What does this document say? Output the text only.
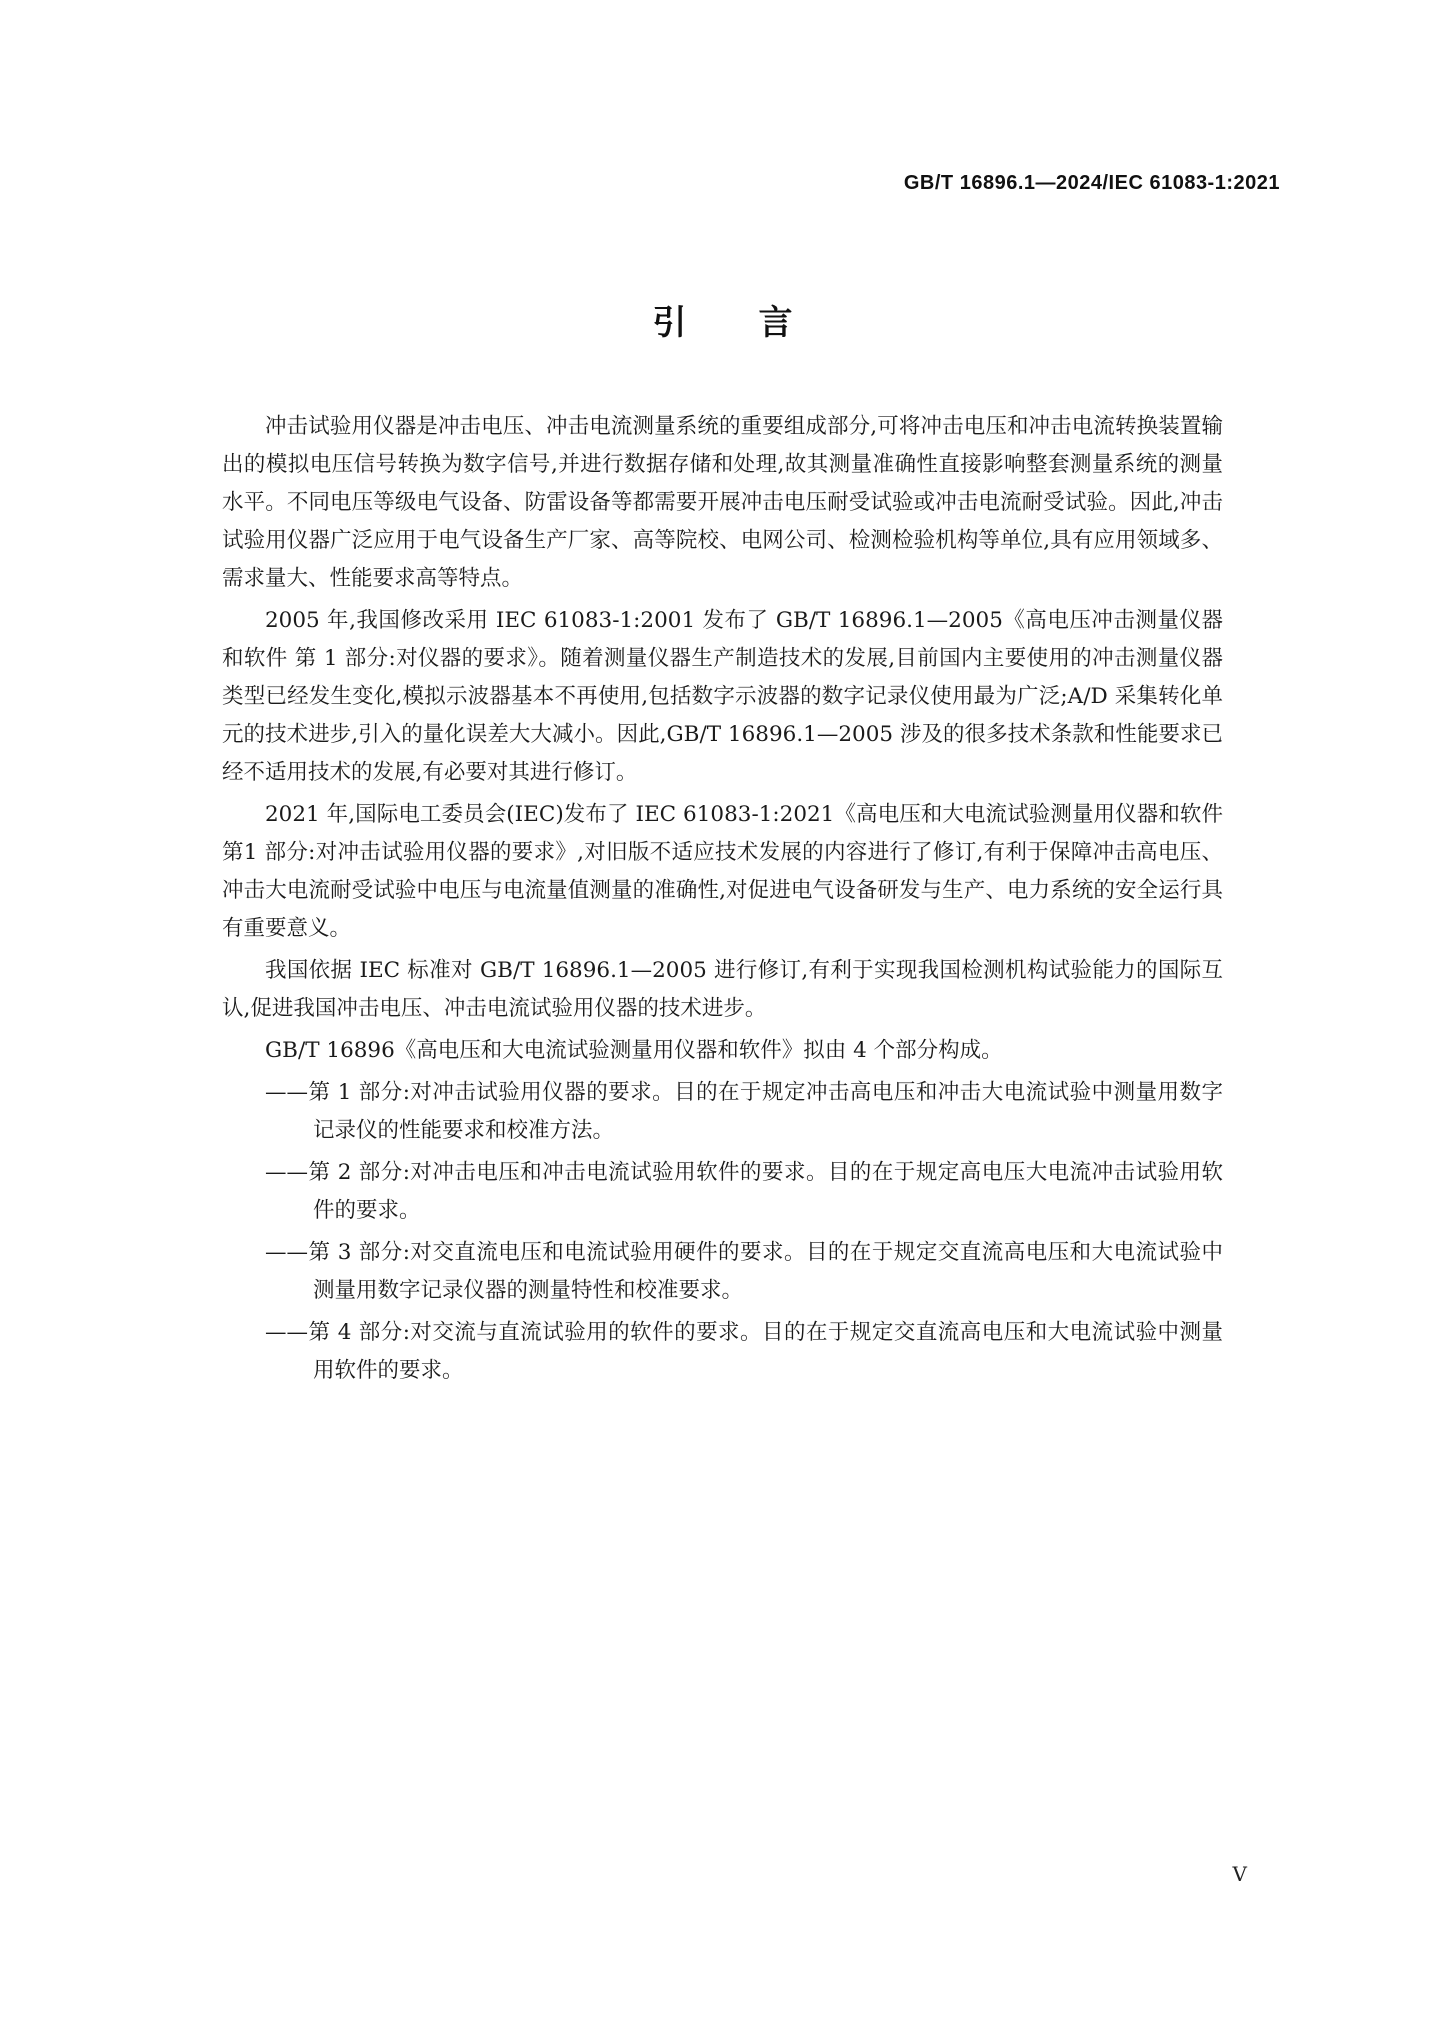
GB/T 16896.1—2024/IEC 61083-1:2021
引言

冲击试验用仪器是冲击电压、冲击电流测量系统的重要组成部分,可将冲击电压和冲击电流转换装置输出的模拟电压信号转换为数字信号,并进行数据存储和处理,故其测量准确性直接影响整套测量系统的测量水平。不同电压等级电气设备、防雷设备等都需要开展冲击电压耐受试验或冲击电流耐受试验。因此,冲击试验用仪器广泛应用于电气设备生产厂家、高等院校、电网公司、检测检验机构等单位,具有应用领域多、需求量大、性能要求高等特点。

2005 年,我国修改采用 IEC 61083-1:2001 发布了 GB/T 16896.1—2005《高电压冲击测量仪器和软件 第 1 部分:对仪器的要求》。随着测量仪器生产制造技术的发展,目前国内主要使用的冲击测量仪器类型已经发生变化,模拟示波器基本不再使用,包括数字示波器的数字记录仪使用最为广泛;A/D 采集转化单元的技术进步,引入的量化误差大大减小。因此,GB/T 16896.1—2005 涉及的很多技术条款和性能要求已经不适用技术的发展,有必要对其进行修订。

2021 年,国际电工委员会(IEC)发布了 IEC 61083-1:2021《高电压和大电流试验测量用仪器和软件 第1 部分:对冲击试验用仪器的要求》,对旧版不适应技术发展的内容进行了修订,有利于保障冲击高电压、冲击大电流耐受试验中电压与电流量值测量的准确性,对促进电气设备研发与生产、电力系统的安全运行具有重要意义。

我国依据 IEC 标准对 GB/T 16896.1—2005 进行修订,有利于实现我国检测机构试验能力的国际互认,促进我国冲击电压、冲击电流试验用仪器的技术进步。

GB/T 16896《高电压和大电流试验测量用仪器和软件》拟由 4 个部分构成。

——第 1 部分:对冲击试验用仪器的要求。目的在于规定冲击高电压和冲击大电流试验中测量用数字记录仪的性能要求和校准方法。
——第 2 部分:对冲击电压和冲击电流试验用软件的要求。目的在于规定高电压大电流冲击试验用软件的要求。
——第 3 部分:对交直流电压和电流试验用硬件的要求。目的在于规定交直流高电压和大电流试验中测量用数字记录仪器的测量特性和校准要求。
——第 4 部分:对交流与直流试验用的软件的要求。目的在于规定交直流高电压和大电流试验中测量用软件的要求。
V
